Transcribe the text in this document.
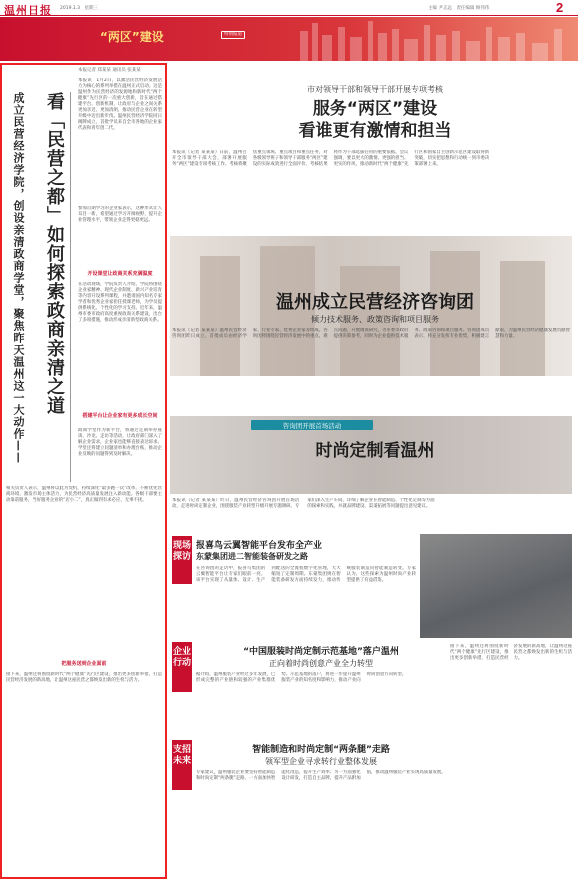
温州日报 2019.1.3　星期三	主编 尹志远　责任编辑 顾伟伟	2
“两区”建设	特别报道
成立民营经济学院，创设亲清政商学堂，聚焦昨天温州这一大动作——	看「民营之都」如何探索政商亲清之道
本报记者 郑某某 通讯员 张某某
本报讯　1月2日，以激活民营经济发展活力为核心的系列举措在温州正式启动。这是温州作为民营经济的发源地和新时代“两个健康”先行区的一次重大创新，旨在通过搭建平台、创新机制，让政府与企业之间关系更加亲近、更加清朗，推动民营企业在转型升级中迈出新步伐。温州民营经济学院同日揭牌成立，首批学员来自全市各地的企业家代表和青年创二代。
开设课堂让政商关系充满温度
在活动现场，学院负责人介绍，学院将围绕企业家精神、现代企业制度、新兴产业培育等内容开设系列课程，并邀请国内知名专家学者和优秀企业家担任授课老师，为学员提供系统化、个性化的学习支持。近年来，温州市委市政府高度重视政商关系建设，出台了多项措施，推动形成亲清新型政商关系。
搭建平台让企业家有更多成长空间
政商学堂作为新平台，将通过定期举办座谈、沙龙、走访等活动，让政府部门深入了解企业需求，企业家也能够直接表达诉求。学堂还将建立问题清单和办理台账，推动企业反映的问题得到及时解决。
参加首期学习的企业家表示，这种形式让人耳目一新，希望通过学习开阔视野，提升企业管理水平，带领企业走得更稳更远。
相关负责人表示，温州将以此为契机，持续深化“最多跑一次”改革，不断优化营商环境，激发市场主体活力，为民营经济高质量发展注入新动能。各级干部要主动靠前服务，当好服务企业的“店小二”，真正做到有求必应、无事不扰。
把服务送到企业面前
接下来，温州还将围绕新时代“两个健康”先行区建设，推出更多创新举措，打造民营经济发展的新高地，让温州这座民营之都焕发出新的生机与活力。
市对领导干部和领导干部开展专项考核
服务“两区”建设
看谁更有激情和担当
本报讯（记者 某某某）日前，温州召开全市领导干部大会，部署开展服务“两区”建设专项考核工作。考核将聚焦重点领域、重点项目和重点任务，对各级领导班子和领导干部服务“两区”建设的实际成效进行全面评价，考核结果将作为干部选拔任用的重要依据。会议强调，要以更大的激情、更强的担当、更实的作风，推动新时代“两个健康”先行区和国家自主创新示范区建设取得新突破，切实把思想和行动统一到市委决策部署上来。
温州成立民营经济咨询团
倾力技术服务、政策咨询和项目服务
本报讯（记者 某某某）温州民营经济咨询团昨日成立，首批成员由经济学家、行业专家、优秀企业家等组成。咨询团将围绕民营经济发展中的重点、难点问题，开展调查研究，为市委市政府提供决策参考，同时为企业提供技术服务、政策咨询和项目服务。咨询团成员表示，将充分发挥专业优势，积极建言献策，为温州民营经济健康发展贡献智慧和力量。
咨询团开展首场活动
时尚定制看温州
本报讯（记者 某某某）昨日，温州民营经济咨询团开展首场活动，走进时尚定制企业，围绕服装产业转型升级开展专题调研。专家们深入生产车间，详细了解企业在智能制造、个性化定制等方面的探索和实践，并就品牌建设、渠道拓展等问题提出意见建议。
现场探访
企业行动
支招未来
报喜鸟云翼智能平台发布全产业
东蒙集团进二智能装备研发之路
在咨询团的走访中，报喜鸟集团的云翼智能平台让专家们眼前一亮。该平台实现了从量体、设计、生产到配送的全流程数字化管理，大大缩短了定制周期。东蒙集团则在智能装备研发方面持续发力，推动传统服装制造向智能制造转变。专家认为，这些探索为温州时尚产业转型提供了有益借鉴。
“中国服装时尚定制示范基地”落户温州
正向着时尚创意产业全力转型
据介绍，温州服装产业经过多年发展，已形成完整的产业链和较强的产业集群优势。示范基地的落户，将进一步提升温州服装产业的知名度和影响力，推动产业向时尚创意方向转型。
智能制造和时尚定制“两条腿”走路
领军型企业寻求转行业整体发展
专家建议，温州服装企业要坚持智能制造和时尚定制“两条腿”走路，一方面加快智能化改造，提升生产效率；另一方面强化设计研发，打造自主品牌，提升产品附加值，推动温州服装产业实现高质量发展。
接下来，温州还将围绕新时代“两个健康”先行区建设，推出更多创新举措，打造民营经济发展的新高地，让温州这座民营之都焕发出新的生机与活力。
